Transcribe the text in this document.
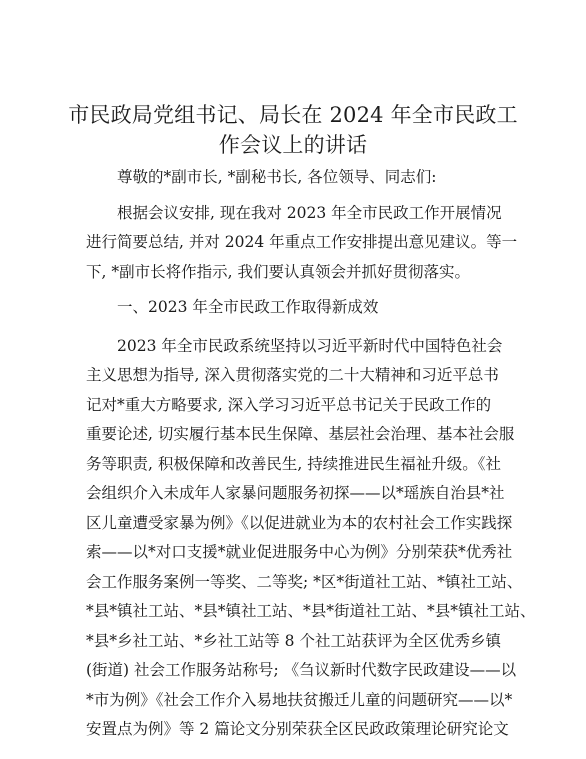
市民政局党组书记、局长在 2024 年全市民政工
作会议上的讲话
尊敬的*副市长, *副秘书长, 各位领导、同志们:
根据会议安排, 现在我对 2023 年全市民政工作开展情况
进行简要总结, 并对 2024 年重点工作安排提出意见建议。等一
下, *副市长将作指示, 我们要认真领会并抓好贯彻落实。
一、2023 年全市民政工作取得新成效
2023 年全市民政系统坚持以习近平新时代中国特色社会
主义思想为指导, 深入贯彻落实党的二十大精神和习近平总书
记对*重大方略要求, 深入学习习近平总书记关于民政工作的
重要论述, 切实履行基本民生保障、基层社会治理、基本社会服
务等职责, 积极保障和改善民生, 持续推进民生福祉升级。《社
会组织介入未成年人家暴问题服务初探——以*瑶族自治县*社
区儿童遭受家暴为例》《以促进就业为本的农村社会工作实践探
索——以*对口支援*就业促进服务中心为例》分别荣获*优秀社
会工作服务案例一等奖、二等奖; *区*街道社工站、*镇社工站、
*县*镇社工站、*县*镇社工站、*县*街道社工站、*县*镇社工站、
*县*乡社工站、*乡社工站等 8 个社工站获评为全区优秀乡镇
(街道) 社会工作服务站称号; 《刍议新时代数字民政建设——以
*市为例》《社会工作介入易地扶贫搬迁儿童的问题研究——以*
安置点为例》等 2 篇论文分别荣获全区民政政策理论研究论文
